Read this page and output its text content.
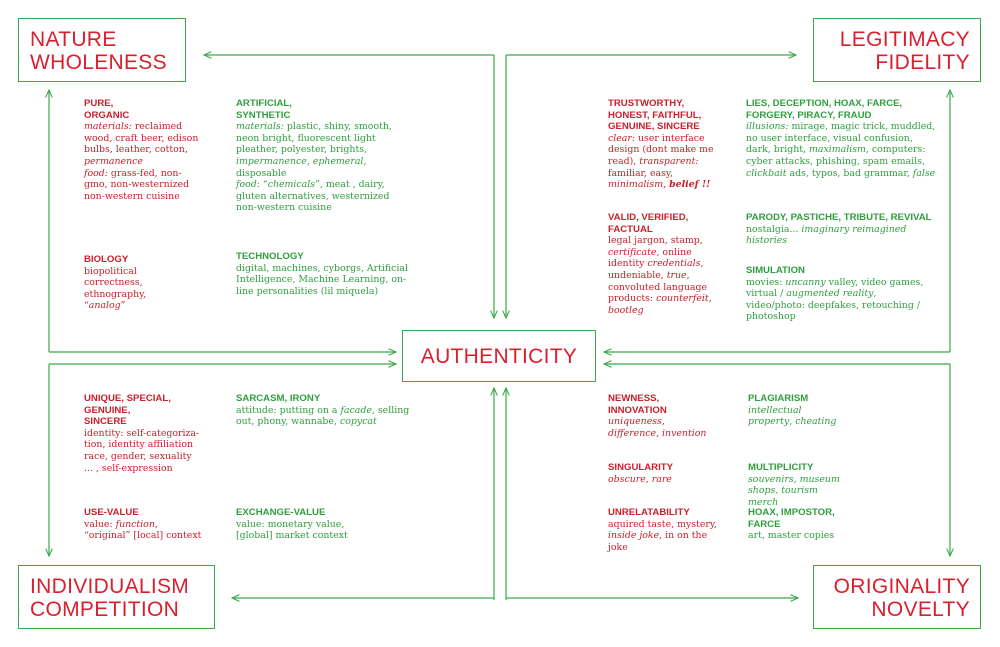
NATURE
WHOLENESS
LEGITIMACY
FIDELITY
INDIVIDUALISM
COMPETITION
ORIGINALITY
NOVELTY
AUTHENTICITY
PURE,
ORGANIC
materials: reclaimed wood, craft beer, edison bulbs, leather, cotton, permanence
food: grass-fed, non-gmo, non-westernized non-western cuisine
ARTIFICIAL,
SYNTHETIC
materials: plastic, shiny, smooth, neon bright, fluorescent light pleather, polyester, brights, impermanence, ephemeral, disposable
food: “chemicals”, meat , dairy, gluten alternatives, westernized non-western cuisine
BIOLOGY
biopolitical correctness, ethnography, “analog”
TECHNOLOGY
digital, machines, cyborgs, Artificial Intelligence, Machine Learning, on-line personalities (lil miquela)
TRUSTWORTHY,
HONEST, FAITHFUL,
GENUINE, SINCERE
clear: user interface design (dont make me read), transparent: familiar, easy, minimalism, belief !!
LIES, DECEPTION, HOAX, FARCE,
FORGERY, PIRACY, FRAUD
illusions: mirage, magic trick, muddled, no user interface, visual confusion, dark, bright, maximalism, computers: cyber attacks, phishing, spam emails, clickbait ads, typos, bad grammar, false
VALID, VERIFIED,
FACTUAL
legal jargon, stamp, certificate, online identity credentials, undeniable, true, convoluted language products: counterfeit, bootleg
PARODY, PASTICHE, TRIBUTE, REVIVAL
nostalgia... imaginary reimagined histories
SIMULATION
movies: uncanny valley, video games, virtual / augmented reality, video/photo: deepfakes, retouching / photoshop
UNIQUE, SPECIAL,
GENUINE,
SINCERE
identity: self-categoriza-tion, identity affiliation race, gender, sexuality ... , self-expression
SARCASM, IRONY
attitude: putting on a facade, selling out, phony, wannabe, copycat
USE-VALUE
value: function,
“original” [local] context
EXCHANGE-VALUE
value: monetary value, [global] market context
NEWNESS,
INNOVATION
uniqueness, difference, invention
PLAGIARISM
intellectual property, cheating
SINGULARITY
obscure, rare
MULTIPLICITY
souvenirs, museum shops, tourism merch
UNRELATABILITY
aquired taste, mystery, inside joke, in on the joke
HOAX, IMPOSTOR,
FARCE
art, master copies
